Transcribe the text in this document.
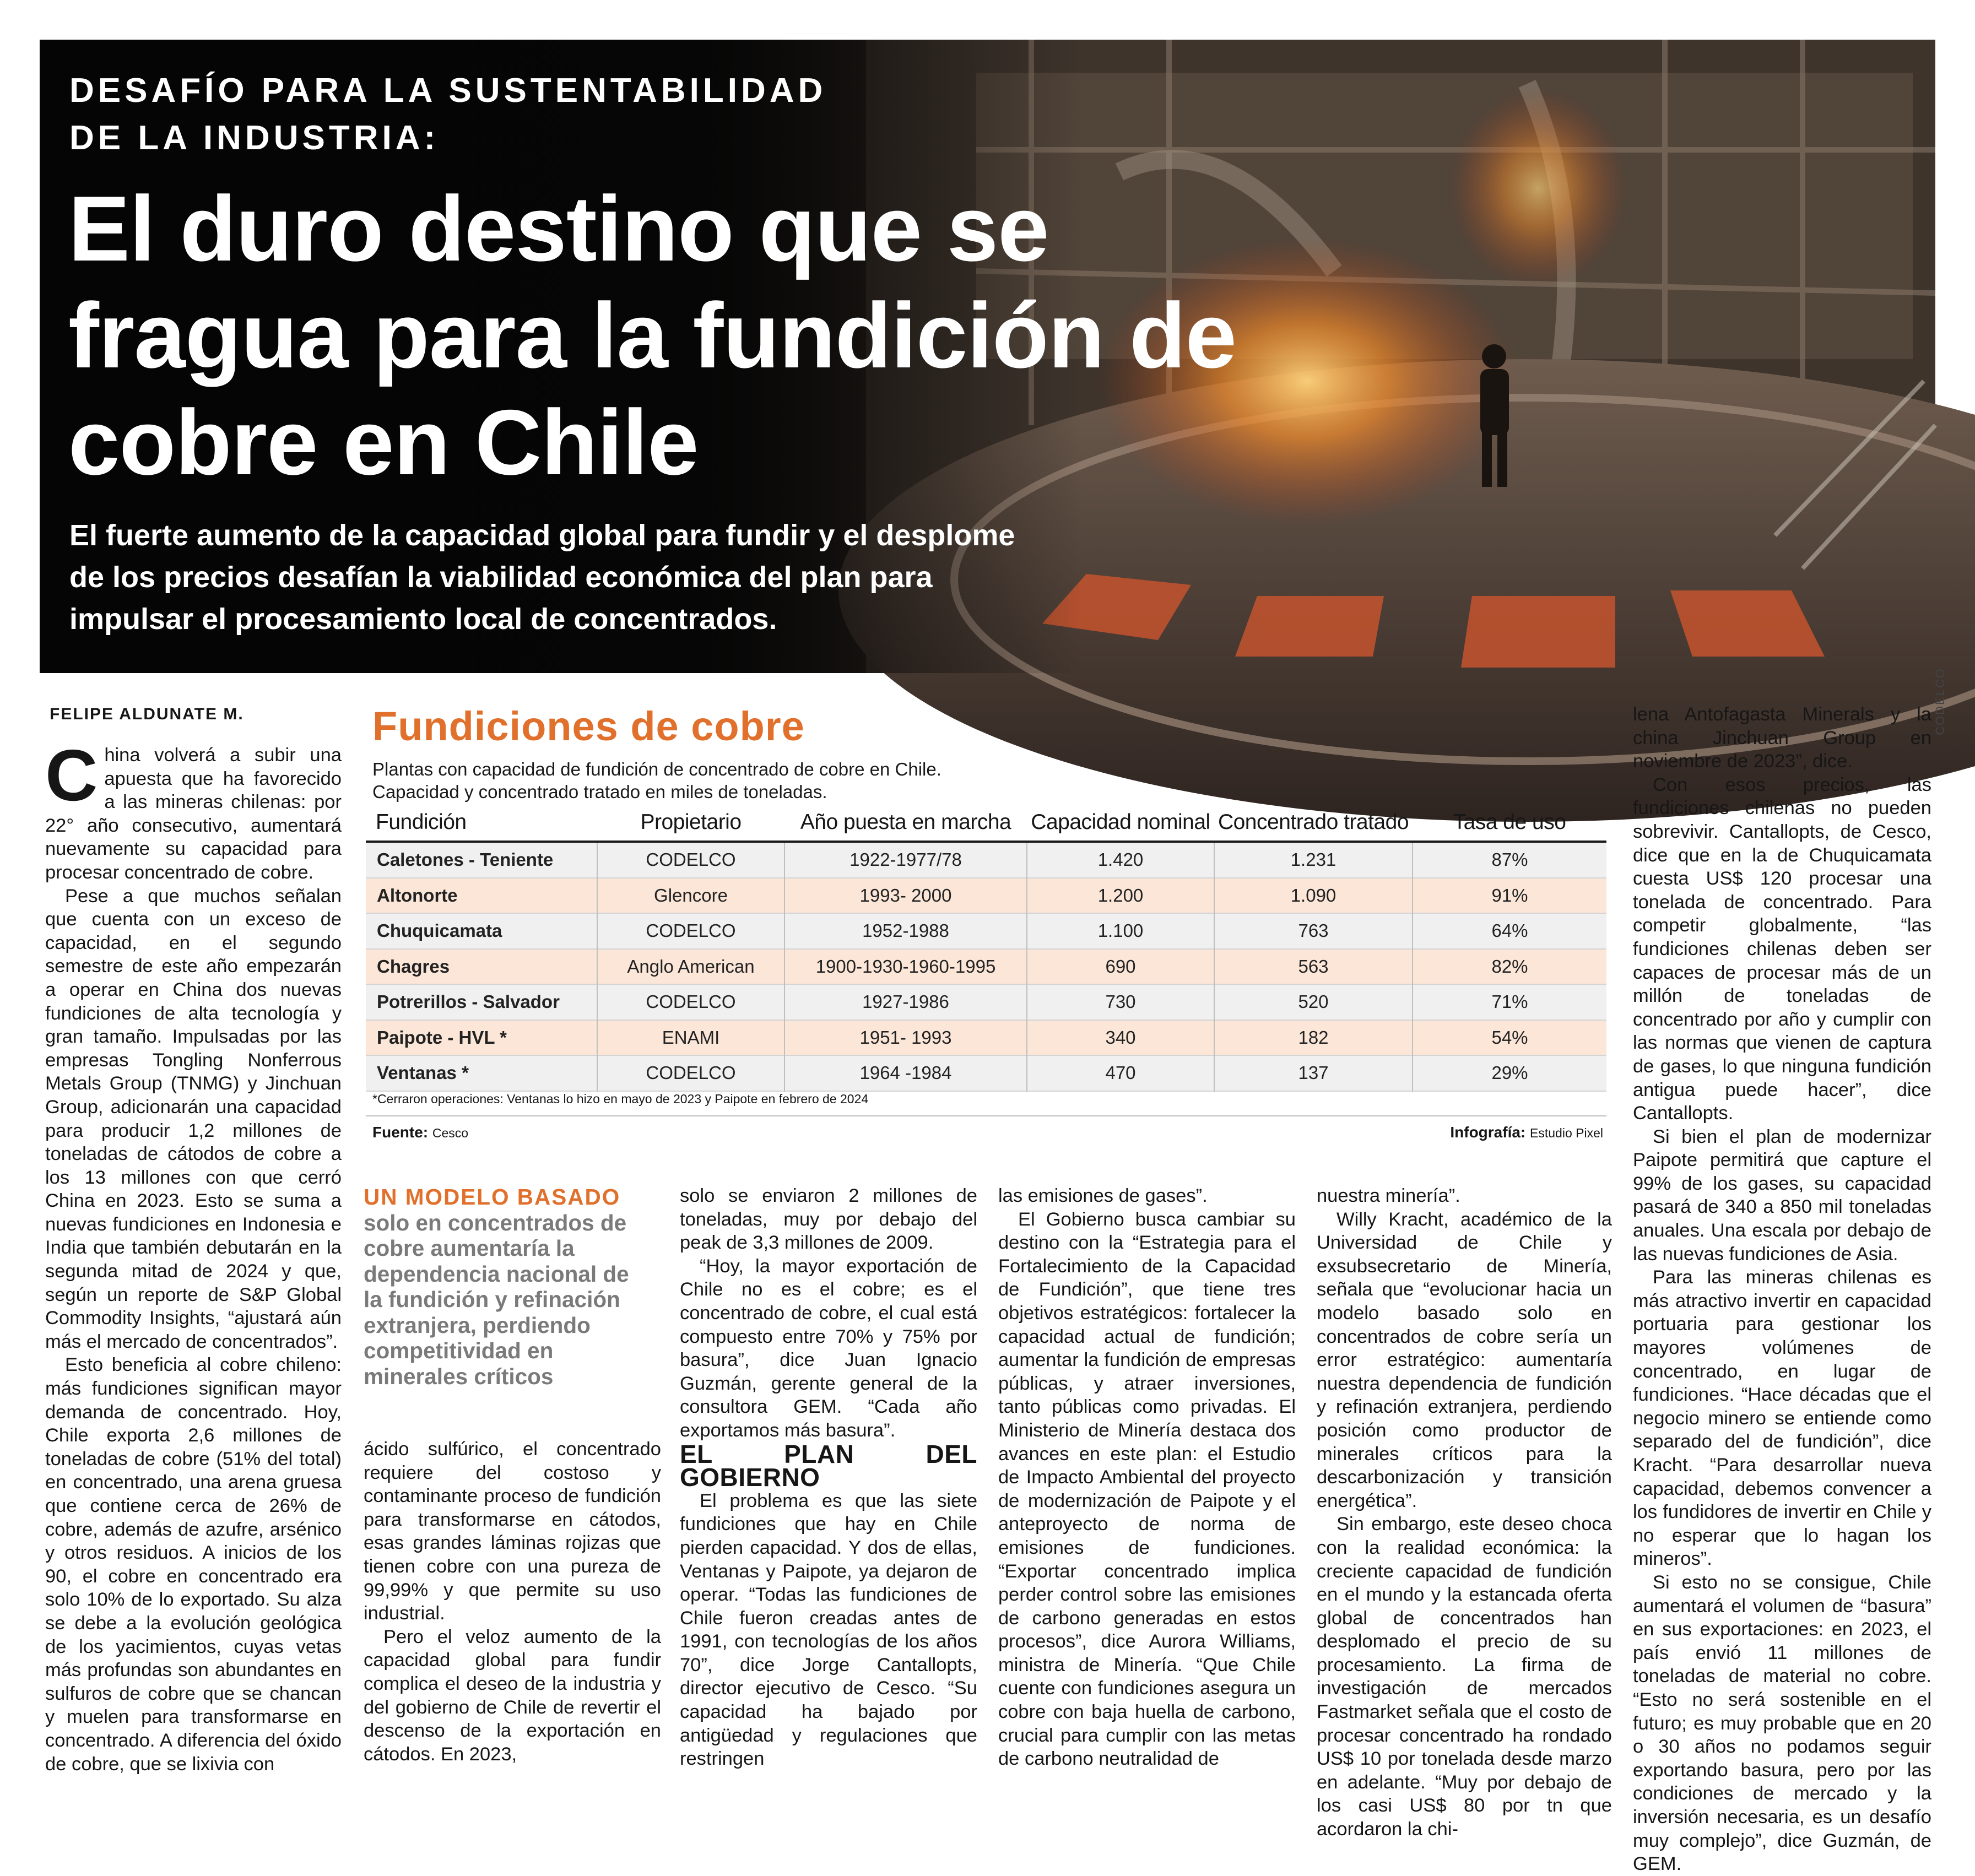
DESAFÍO PARA LA SUSTENTABILIDAD
DE LA INDUSTRIA:
El duro destino que se fragua para la fundición de cobre en Chile

El fuerte aumento de la capacidad global para fundir y el desplome de los precios desafían la viabilidad económica del plan para impulsar el procesamiento local de concentrados.

CODELCO
FELIPE ALDUNATE M.

China volverá a subir una apuesta que ha favorecido a las mineras chilenas: por 22° año consecutivo, aumentará nuevamente su capacidad para procesar concentrado de cobre.

Pese a que muchos señalan que cuenta con un exceso de capacidad, en el segundo semestre de este año empezarán a operar en China dos nuevas fundiciones de alta tecnología y gran tamaño. Impulsadas por las empresas Tongling Nonferrous Metals Group (TNMG) y Jinchuan Group, adicionarán una capacidad para producir 1,2 millones de toneladas de cátodos de cobre a los 13 millones con que cerró China en 2023. Esto se suma a nuevas fundiciones en Indonesia e India que también debutarán en la segunda mitad de 2024 y que, según un reporte de S&P Global Commodity Insights, “ajustará aún más el mercado de concentrados”.

Esto beneficia al cobre chileno: más fundiciones significan mayor demanda de concentrado. Hoy, Chile exporta 2,6 millones de toneladas de cobre (51% del total) en concentrado, una arena gruesa que contiene cerca de 26% de cobre, además de azufre, arsénico y otros residuos. A inicios de los 90, el cobre en concentrado era solo 10% de lo exportado. Su alza se debe a la evolución geológica de los yacimientos, cuyas vetas más profundas son abundantes en sulfuros de cobre que se chancan y muelen para transformarse en concentrado. A diferencia del óxido de cobre, que se lixivia con

Fundiciones de cobre
Plantas con capacidad de fundición de concentrado de cobre en Chile.
Capacidad y concentrado tratado en miles de toneladas.
Fundición	Propietario	Año puesta en marcha	Capacidad nominal	Concentrado tratado	Tasa de uso
Caletones - Teniente	CODELCO	1922-1977/78	1.420	1.231	87%
Altonorte	Glencore	1993- 2000	1.200	1.090	91%
Chuquicamata	CODELCO	1952-1988	1.100	763	64%
Chagres	Anglo American	1900-1930-1960-1995	690	563	82%
Potrerillos - Salvador	CODELCO	1927-1986	730	520	71%
Paipote - HVL *	ENAMI	1951- 1993	340	182	54%
Ventanas *	CODELCO	1964 -1984	470	137	29%
*Cerraron operaciones: Ventanas lo hizo en mayo de 2023 y Paipote en febrero de 2024
Fuente: Cesco	Infografía: Estudio Pixel
UN MODELO BASADO solo en concentrados de cobre aumentaría la dependencia nacional de la fundición y refinación extranjera, perdiendo competitividad en minerales críticos

ácido sulfúrico, el concentrado requiere del costoso y contaminante proceso de fundición para transformarse en cátodos, esas grandes láminas rojizas que tienen cobre con una pureza de 99,99% y que permite su uso industrial.

Pero el veloz aumento de la capacidad global para fundir complica el deseo de la industria y del gobierno de Chile de revertir el descenso de la exportación en cátodos. En 2023,

solo se enviaron 2 millones de toneladas, muy por debajo del peak de 3,3 millones de 2009.

“Hoy, la mayor exportación de Chile no es el cobre; es el concentrado de cobre, el cual está compuesto entre 70% y 75% por basura”, dice Juan Ignacio Guzmán, gerente general de la consultora GEM. “Cada año exportamos más basura”.

EL PLAN DEL GOBIERNO

El problema es que las siete fundiciones que hay en Chile pierden capacidad. Y dos de ellas, Ventanas y Paipote, ya dejaron de operar. “Todas las fundiciones de Chile fueron creadas antes de 1991, con tecnologías de los años 70”, dice Jorge Cantallopts, director ejecutivo de Cesco. “Su capacidad ha bajado por antigüedad y regulaciones que restringen

las emisiones de gases”.

El Gobierno busca cambiar su destino con la “Estrategia para el Fortalecimiento de la Capacidad de Fundición”, que tiene tres objetivos estratégicos: fortalecer la capacidad actual de fundición; aumentar la fundición de empresas públicas, y atraer inversiones, tanto públicas como privadas. El Ministerio de Minería destaca dos avances en este plan: el Estudio de Impacto Ambiental del proyecto de modernización de Paipote y el anteproyecto de norma de emisiones de fundiciones. “Exportar concentrado implica perder control sobre las emisiones de carbono generadas en estos procesos”, dice Aurora Williams, ministra de Minería. “Que Chile cuente con fundiciones asegura un cobre con baja huella de carbono, crucial para cumplir con las metas de carbono neutralidad de

nuestra minería”.

Willy Kracht, académico de la Universidad de Chile y exsubsecretario de Minería, señala que “evolucionar hacia un modelo basado solo en concentrados de cobre sería un error estratégico: aumentaría nuestra dependencia de fundición y refinación extranjera, perdiendo posición como productor de minerales críticos para la descarbonización y transición energética”.

Sin embargo, este deseo choca con la realidad económica: la creciente capacidad de fundición en el mundo y la estancada oferta global de concentrados han desplomado el precio de su procesamiento. La firma de investigación de mercados Fastmarket señala que el costo de procesar concentrado ha rondado US$ 10 por tonelada desde marzo en adelante. “Muy por debajo de los casi US$ 80 por tn que acordaron la chi-

lena Antofagasta Minerals y la china Jinchuan Group en noviembre de 2023”, dice.

Con esos precios, las fundiciones chilenas no pueden sobrevivir. Cantallopts, de Cesco, dice que en la de Chuquicamata cuesta US$ 120 procesar una tonelada de concentrado. Para competir globalmente, “las fundiciones chilenas deben ser capaces de procesar más de un millón de toneladas de concentrado por año y cumplir con las normas que vienen de captura de gases, lo que ninguna fundición antigua puede hacer”, dice Cantallopts.

Si bien el plan de modernizar Paipote permitirá que capture el 99% de los gases, su capacidad pasará de 340 a 850 mil toneladas anuales. Una escala por debajo de las nuevas fundiciones de Asia.

Para las mineras chilenas es más atractivo invertir en capacidad portuaria para gestionar los mayores volúmenes de concentrado, en lugar de fundiciones. “Hace décadas que el negocio minero se entiende como separado del de fundición”, dice Kracht. “Para desarrollar nueva capacidad, debemos convencer a los fundidores de invertir en Chile y no esperar que lo hagan los mineros”.

Si esto no se consigue, Chile aumentará el volumen de “basura” en sus exportaciones: en 2023, el país envió 11 millones de toneladas de material no cobre. “Esto no será sostenible en el futuro; es muy probable que en 20 o 30 años no podamos seguir exportando basura, pero por las condiciones de mercado y la inversión necesaria, es un desafío muy complejo”, dice Guzmán, de GEM.
